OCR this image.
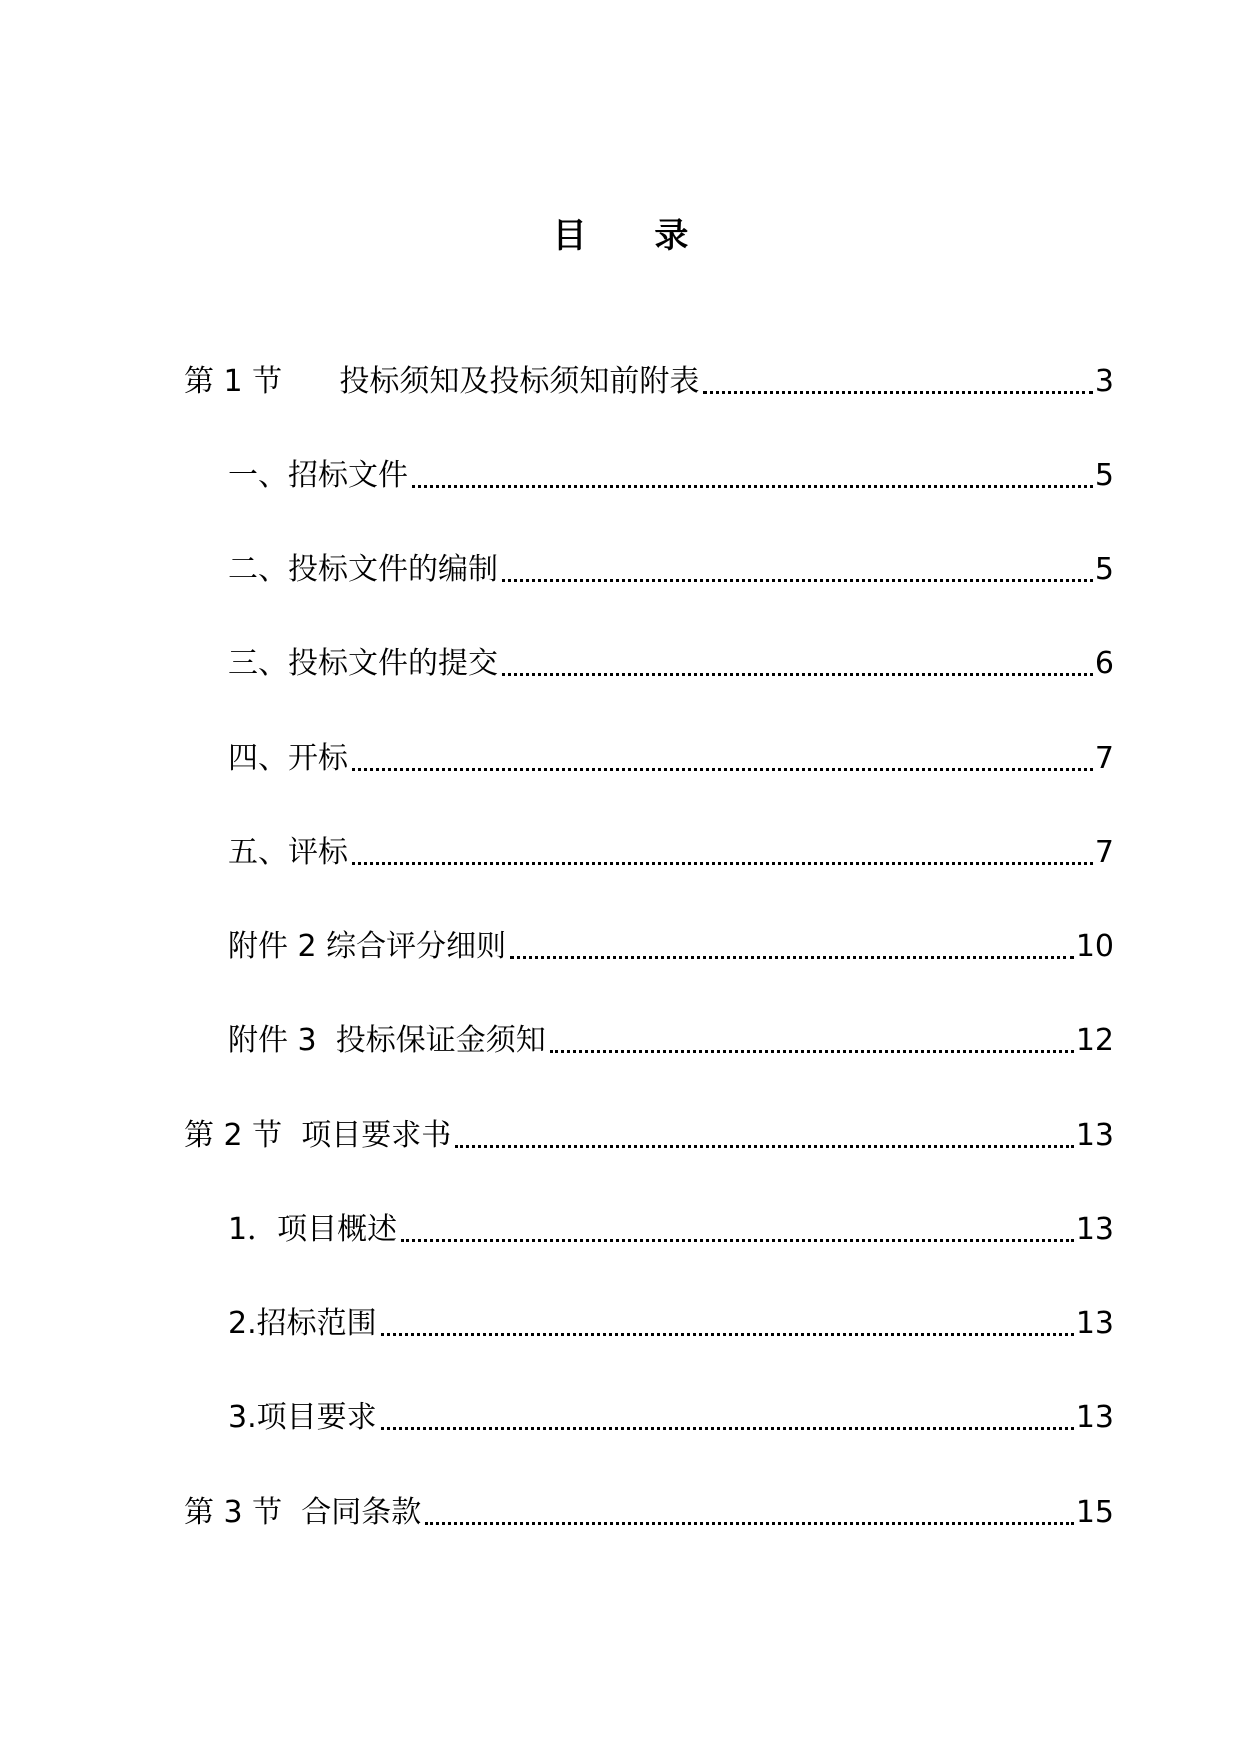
目 录
第 1 节      投标须知及投标须知前附表	3
一、招标文件	5
二、投标文件的编制	5
三、投标文件的提交	6
四、开标	7
五、评标	7
附件 2 综合评分细则	10
附件 3  投标保证金须知	12
第 2 节  项目要求书	13
1．项目概述	13
2.招标范围	13
3.项目要求	13
第 3 节  合同条款	15
